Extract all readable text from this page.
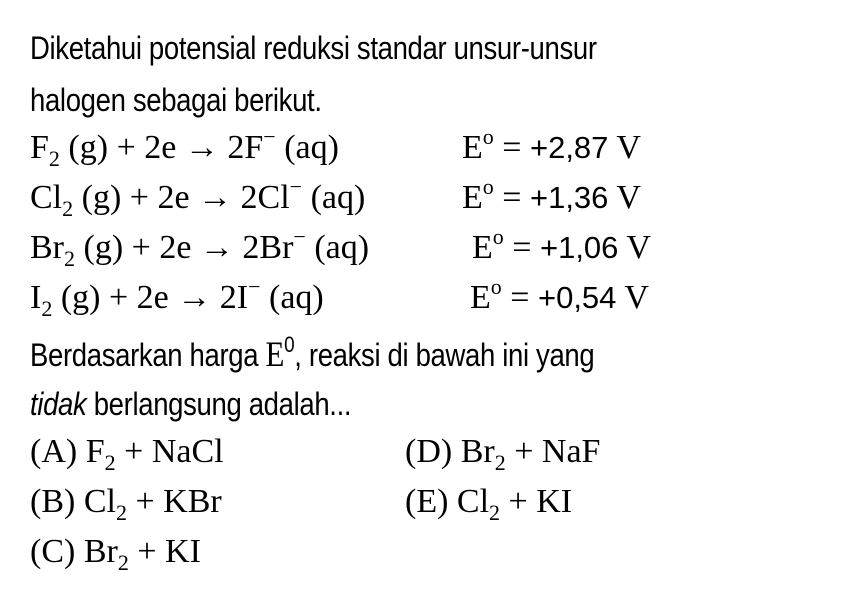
Diketahui potensial reduksi standar unsur-unsur
halogen sebagai berikut.
$F_2$ (g) + 2e → 2F− (aq)	$E^o = +2,87$ V
$Cl_2$ (g) + 2e → 2Cl− (aq)	$E^o = +1,36$ V
$Br_2$ (g) + 2e → 2Br− (aq)	$E^o = +1,06$ V
$I_2$ (g) + 2e → 2I− (aq)	$E^o = +0,54$ V
Berdasarkan harga $E^0$, reaksi di bawah ini yang
tidak berlangsung adalah...
(A) $F_2$ + NaCl
(B) $Cl_2$ + KBr
(C) $Br_2$ + KI
(D) $Br_2$ + NaF
(E) $Cl_2$ + KI
